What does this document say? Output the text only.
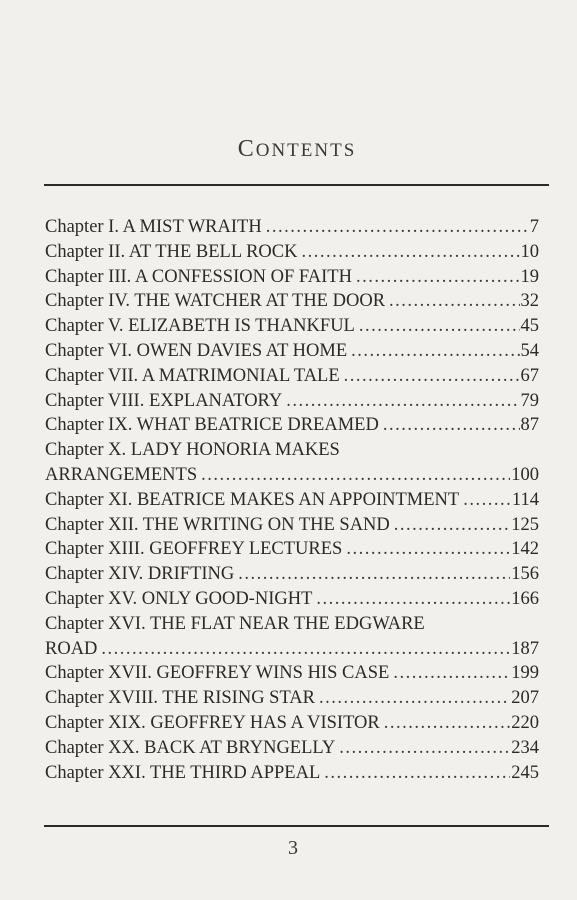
CONTENTS
Chapter I. A MIST WRAITH .....	7
Chapter II. AT THE BELL ROCK .....	10
Chapter III. A CONFESSION OF FAITH .....	19
Chapter IV. THE WATCHER AT THE DOOR .....	32
Chapter V. ELIZABETH IS THANKFUL .....	45
Chapter VI. OWEN DAVIES AT HOME .....	54
Chapter VII. A MATRIMONIAL TALE .....	67
Chapter VIII. EXPLANATORY .....	79
Chapter IX. WHAT BEATRICE DREAMED .....	87
Chapter X. LADY HONORIA MAKES
ARRANGEMENTS .....	100
Chapter XI. BEATRICE MAKES AN APPOINTMENT .....	114
Chapter XII. THE WRITING ON THE SAND .....	125
Chapter XIII. GEOFFREY LECTURES .....	142
Chapter XIV. DRIFTING .....	156
Chapter XV. ONLY GOOD-NIGHT .....	166
Chapter XVI. THE FLAT NEAR THE EDGWARE
ROAD .....	187
Chapter XVII. GEOFFREY WINS HIS CASE .....	199
Chapter XVIII. THE RISING STAR .....	207
Chapter XIX. GEOFFREY HAS A VISITOR .....	220
Chapter XX. BACK AT BRYNGELLY .....	234
Chapter XXI. THE THIRD APPEAL .....	245
3
